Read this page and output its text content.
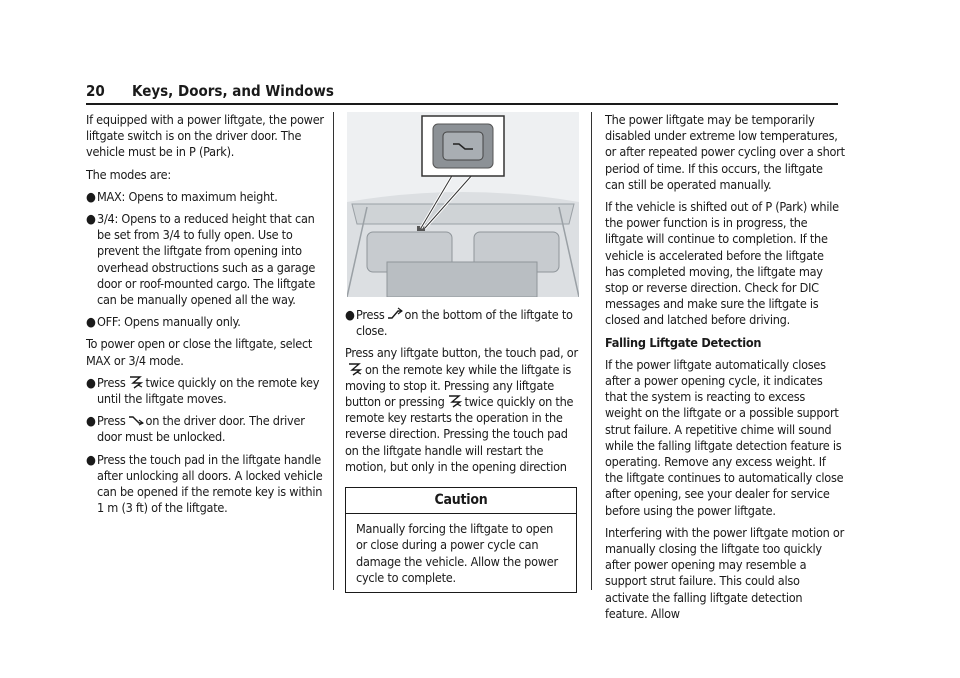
20 Keys, Doors, and Windows

If equipped with a power liftgate, the power liftgate switch is on the driver door. The vehicle must be in P (Park).

The modes are:

● MAX: Opens to maximum height.
● 3/4: Opens to a reduced height that can be set from 3/4 to fully open. Use to prevent the liftgate from opening into overhead obstructions such as a garage door or roof-mounted cargo. The liftgate can be manually opened all the way.
● OFF: Opens manually only.

To power open or close the liftgate, select MAX or 3/4 mode.

● Press twice quickly on the remote key until the liftgate moves.
● Press on the driver door. The driver door must be unlocked.
● Press the touch pad in the liftgate handle after unlocking all doors. A locked vehicle can be opened if the remote key is within 1 m (3 ft) of the liftgate.
● Press on the bottom of the liftgate to close.

Press any liftgate button, the touch pad, or
on the remote key while the liftgate is moving to stop it. Pressing any liftgate button or pressing twice quickly on the remote key restarts the operation in the reverse direction. Pressing the touch pad on the liftgate handle will restart the motion, but only in the opening direction

Caution
Manually forcing the liftgate to open or close during a power cycle can damage the vehicle. Allow the power cycle to complete.

The power liftgate may be temporarily disabled under extreme low temperatures, or after repeated power cycling over a short period of time. If this occurs, the liftgate can still be operated manually.

If the vehicle is shifted out of P (Park) while the power function is in progress, the liftgate will continue to completion. If the vehicle is accelerated before the liftgate has completed moving, the liftgate may stop or reverse direction. Check for DIC messages and make sure the liftgate is closed and latched before driving.

Falling Liftgate Detection

If the power liftgate automatically closes after a power opening cycle, it indicates that the system is reacting to excess weight on the liftgate or a possible support strut failure. A repetitive chime will sound while the falling liftgate detection feature is operating. Remove any excess weight. If the liftgate continues to automatically close after opening, see your dealer for service before using the power liftgate.

Interfering with the power liftgate motion or manually closing the liftgate too quickly after power opening may resemble a support strut failure. This could also activate the falling liftgate detection feature. Allow
